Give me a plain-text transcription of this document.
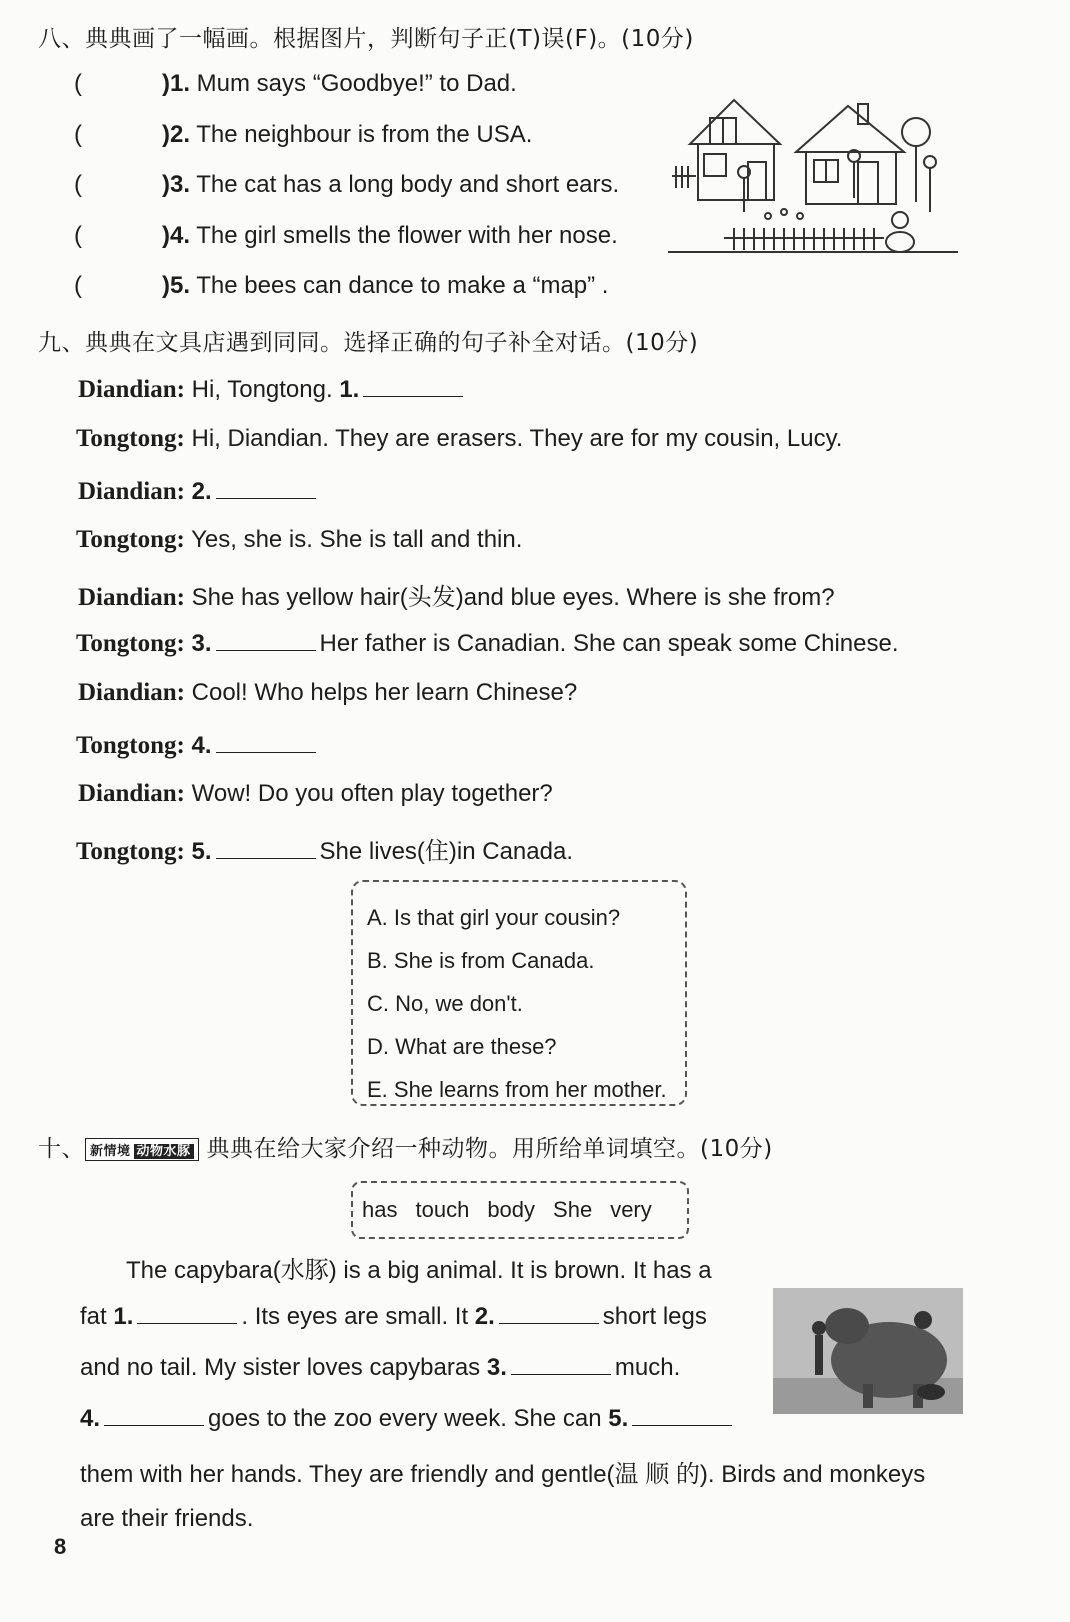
八、典典画了一幅画。根据图片，判断句子正(T)误(F)。(10分)
(	)1. Mum says “Goodbye!” to Dad.
(	)2. The neighbour is from the USA.
(	)3. The cat has a long body and short ears.
(	)4. The girl smells the flower with her nose.
(	)5. The bees can dance to make a “map” .
九、典典在文具店遇到同同。选择正确的句子补全对话。(10分)
Diandian: Hi, Tongtong. 1.
Tongtong: Hi, Diandian. They are erasers. They are for my cousin, Lucy.
Diandian: 2.
Tongtong: Yes, she is. She is tall and thin.
Diandian: She has yellow hair(头发)and blue eyes. Where is she from?
Tongtong: 3.	Her father is Canadian. She can speak some Chinese.
Diandian: Cool! Who helps her learn Chinese?
Tongtong: 4.
Diandian: Wow! Do you often play together?
Tongtong: 5.	She lives(住)in Canada.
A. Is that girl your cousin?
B. She is from Canada.
C. No, we don't.
D. What are these?
E. She learns from her mother.
十、 新情境 动物水豚 典典在给大家介绍一种动物。用所给单词填空。(10分)
has touch body She very
The capybara(水豚) is a big animal. It is brown. It has a
fat 1.	. Its eyes are small. It 2.	short legs
and no tail. My sister loves capybaras 3.	much.
4.	goes to the zoo every week. She can 5.
them with her hands. They are friendly and gentle(温 顺 的). Birds and monkeys
are their friends.
8
